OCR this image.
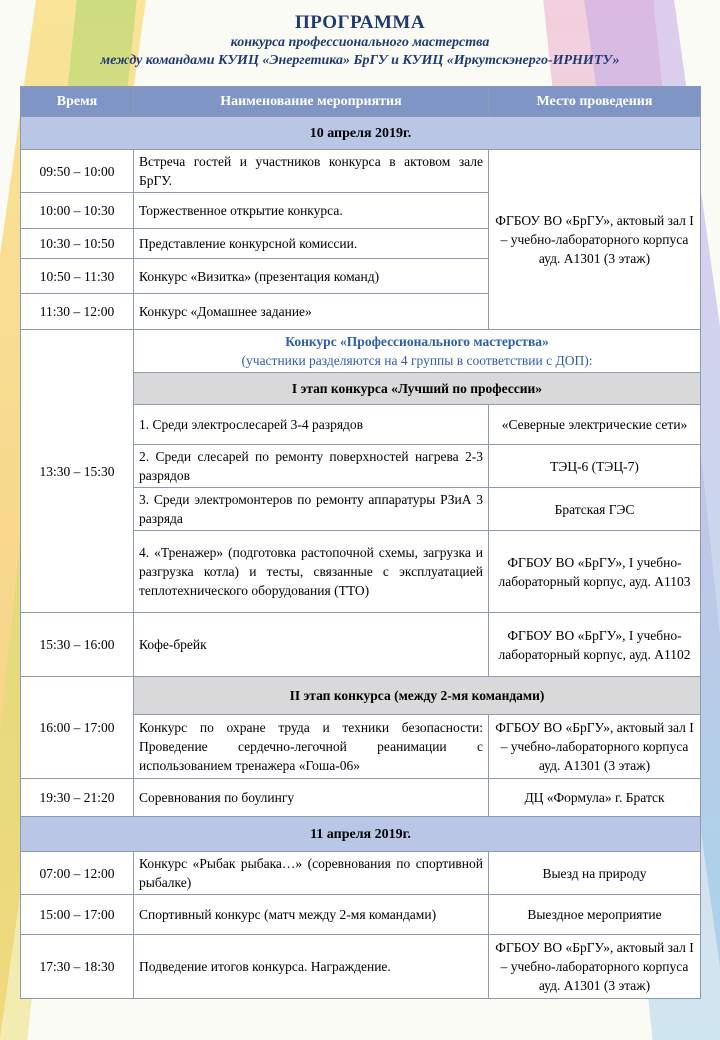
ПРОГРАММА
конкурса профессионального мастерства
между командами КУИЦ «Энергетика» БрГУ и КУИЦ «Иркутскэнерго-ИРНИТУ»
Время	Наименование мероприятия	Место проведения
10 апреля 2019г.		
09:50 – 10:00	Встреча гостей и участников конкурса в актовом зале БрГУ.	ФГБОУ ВО «БрГУ», актовый зал I – учебно-лабораторного корпуса ауд. А1301 (3 этаж)
10:00 – 10:30	Торжественное открытие конкурса.	
10:30 – 10:50	Представление конкурсной комиссии.	
10:50 – 11:30	Конкурс «Визитка» (презентация команд)	
11:30 – 12:00	Конкурс «Домашнее задание»	
13:30 – 15:30	Конкурс «Профессионального мастерства»
(участники разделяются на 4 группы в соответствии с ДОП):	
	I этап конкурса «Лучший по профессии»	
	1. Среди электрослесарей 3-4 разрядов	«Северные электрические сети»
	2. Среди слесарей по ремонту поверхностей нагрева 2-3 разрядов	ТЭЦ-6 (ТЭЦ-7)
	3. Среди электромонтеров по ремонту аппаратуры РЗиА 3 разряда	Братская ГЭС
	4. «Тренажер» (подготовка растопочной схемы, загрузка и разгрузка котла) и тесты, связанные с эксплуатацией теплотехнического оборудования (ТТО)	ФГБОУ ВО «БрГУ», I учебно-лабораторный корпус, ауд. А1103
15:30 – 16:00	Кофе-брейк	ФГБОУ ВО «БрГУ», I учебно-лабораторный корпус, ауд. А1102
16:00 – 17:00	II этап конкурса (между 2-мя командами)	
	Конкурс по охране труда и техники безопасности: Проведение сердечно-легочной реанимации с использованием тренажера «Гоша-06»	ФГБОУ ВО «БрГУ», актовый зал I – учебно-лабораторного корпуса ауд. А1301 (3 этаж)
19:30 – 21:20	Соревнования по боулингу	ДЦ «Формула» г. Братск
11 апреля 2019г.		
07:00 – 12:00	Конкурс «Рыбак рыбака…» (соревнования по спортивной рыбалке)	Выезд на природу
15:00 – 17:00	Спортивный конкурс (матч между 2-мя командами)	Выездное мероприятие
17:30 – 18:30	Подведение итогов конкурса. Награждение.	ФГБОУ ВО «БрГУ», актовый зал I – учебно-лабораторного корпуса ауд. А1301 (3 этаж)
